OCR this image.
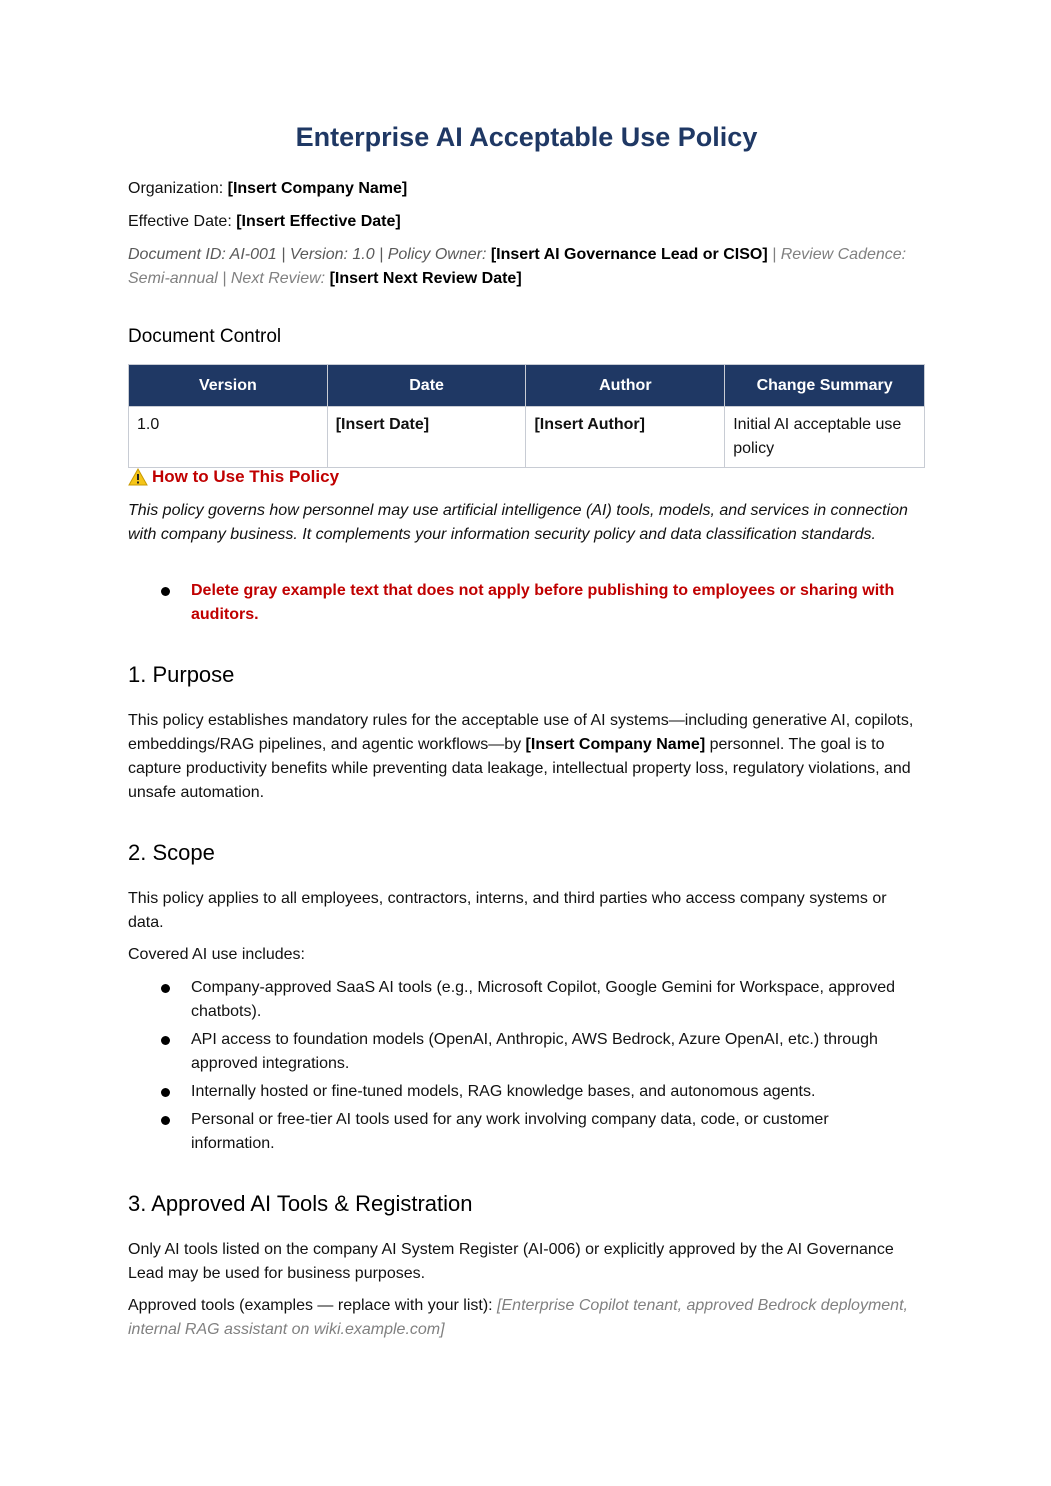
Enterprise AI Acceptable Use Policy
Organization: [Insert Company Name]
Effective Date: [Insert Effective Date]
Document ID: AI-001 | Version: 1.0 | Policy Owner: [Insert AI Governance Lead or CISO] | Review Cadence: Semi-annual | Next Review: [Insert Next Review Date]
Document Control
Version	Date	Author	Change Summary
1.0	[Insert Date]	[Insert Author]	Initial AI acceptable use policy
How to Use This Policy
This policy governs how personnel may use artificial intelligence (AI) tools, models, and services in connection with company business. It complements your information security policy and data classification standards.
Delete gray example text that does not apply before publishing to employees or sharing with auditors.
1. Purpose

This policy establishes mandatory rules for the acceptable use of AI systems—including generative AI, copilots, embeddings/RAG pipelines, and agentic workflows—by [Insert Company Name] personnel. The goal is to capture productivity benefits while preventing data leakage, intellectual property loss, regulatory violations, and unsafe automation.

2. Scope

This policy applies to all employees, contractors, interns, and third parties who access company systems or data.

Covered AI use includes:

Company-approved SaaS AI tools (e.g., Microsoft Copilot, Google Gemini for Workspace, approved chatbots).
API access to foundation models (OpenAI, Anthropic, AWS Bedrock, Azure OpenAI, etc.) through approved integrations.
Internally hosted or fine-tuned models, RAG knowledge bases, and autonomous agents.
Personal or free-tier AI tools used for any work involving company data, code, or customer information.
3. Approved AI Tools & Registration

Only AI tools listed on the company AI System Register (AI-006) or explicitly approved by the AI Governance Lead may be used for business purposes.

Approved tools (examples — replace with your list): [Enterprise Copilot tenant, approved Bedrock deployment, internal RAG assistant on wiki.example.com]
